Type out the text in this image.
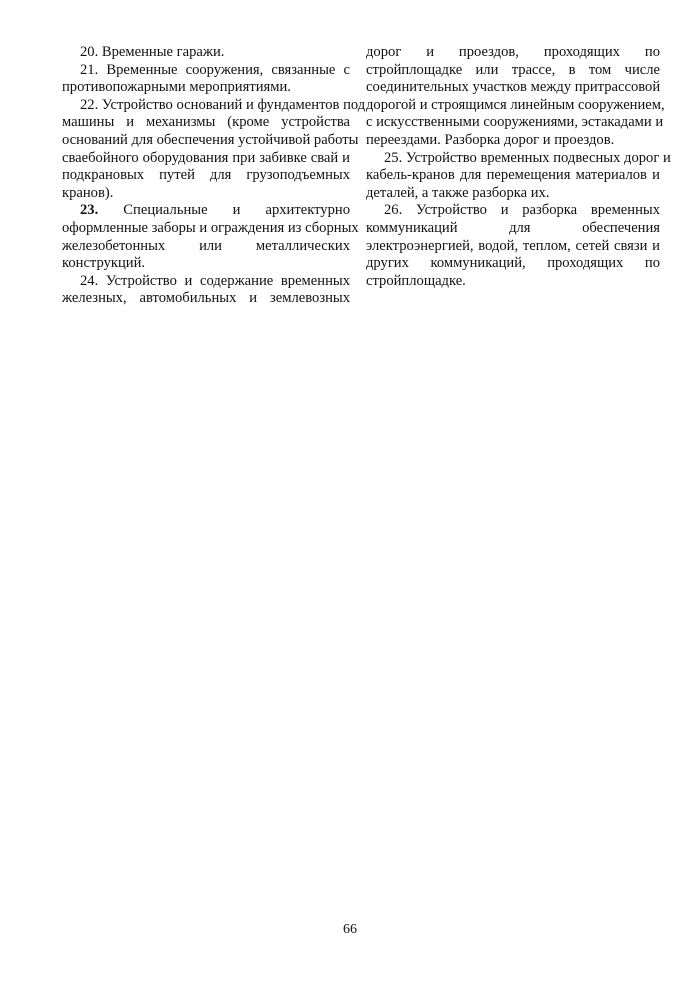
20. Временные гаражи.
21. Временные сооружения, связанные с
противопожарными мероприятиями.
22. Устройство оснований и фундаментов под
машины и механизмы (кроме устройства
оснований для обеспечения устойчивой работы
сваебойного оборудования при забивке свай и
подкрановых путей для грузоподъемных
кранов).
23. Специальные и архитектурно
оформленные заборы и ограждения из сборных
железобетонных или металлических
конструкций.
24. Устройство и содержание временных
железных, автомобильных и землевозных
дорог и проездов, проходящих по
стройплощадке или трассе, в том числе
соединительных участков между притрассовой
дорогой и строящимся линейным сооружением,
с искусственными сооружениями, эстакадами и
переездами. Разборка дорог и проездов.
25. Устройство временных подвесных дорог и
кабель-кранов для перемещения материалов и
деталей, а также разборка их.
26. Устройство и разборка временных
коммуникаций для обеспечения
электроэнергией, водой, теплом, сетей связи и
других коммуникаций, проходящих по
стройплощадке.
66
